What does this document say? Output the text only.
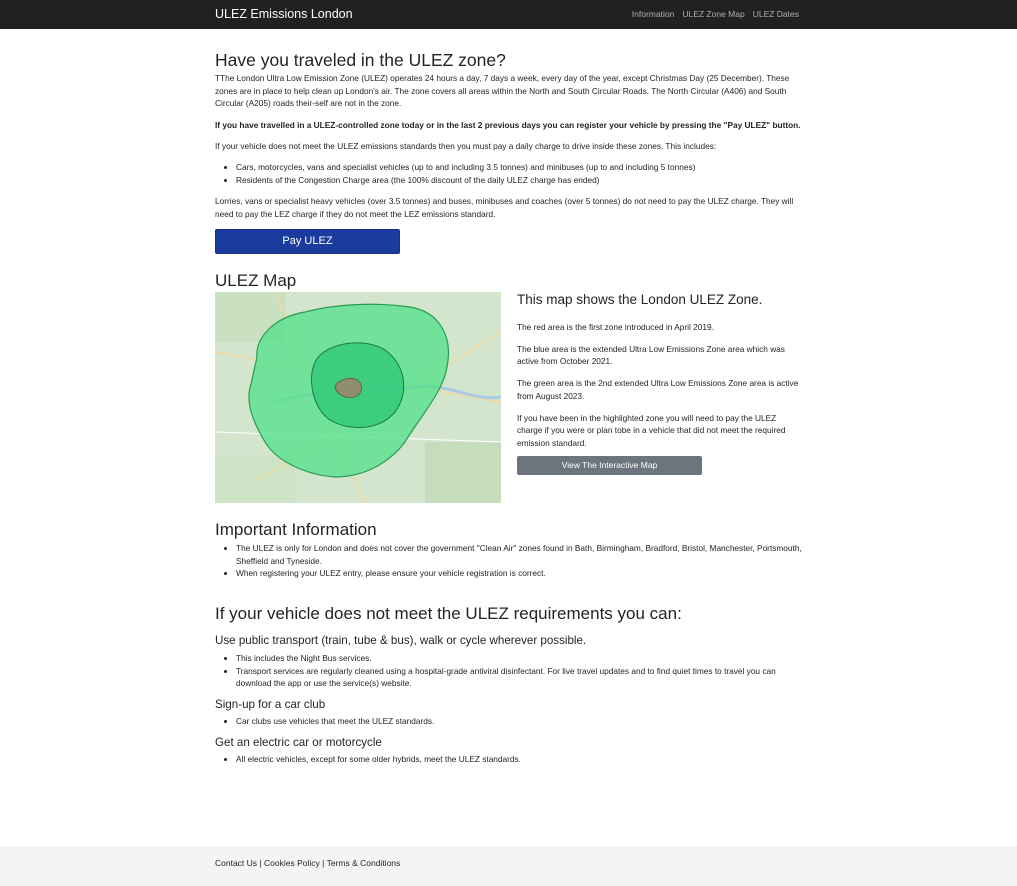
ULEZ Emissions London	Information ULEZ Zone Map ULEZ Dates
Have you traveled in the ULEZ zone?

TThe London Ultra Low Emission Zone (ULEZ) operates 24 hours a day, 7 days a week, every day of the year, except Christmas Day (25 December). These zones are in place to help clean up London's air. The zone covers all areas within the North and South Circular Roads. The North Circular (A406) and South Circular (A205) roads their-self are not in the zone.

If you have travelled in a ULEZ-controlled zone today or in the last 2 previous days you can register your vehicle by pressing the "Pay ULEZ" button.

If your vehicle does not meet the ULEZ emissions standards then you must pay a daily charge to drive inside these zones. This includes:

• Cars, motorcycles, vans and specialist vehicles (up to and including 3.5 tonnes) and minibuses (up to and including 5 tonnes)
• Residents of the Congestion Charge area (the 100% discount of the daily ULEZ charge has ended)

Lorries, vans or specialist heavy vehicles (over 3.5 tonnes) and buses, minibuses and coaches (over 5 tonnes) do not need to pay the ULEZ charge. They will need to pay the LEZ charge if they do not meet the LEZ emissions standard.

Pay ULEZ
ULEZ Map
This map shows the London ULEZ Zone.

The red area is the first zone introduced in April 2019.

The blue area is the extended Ultra Low Emissions Zone area which was active from October 2021.

The green area is the 2nd extended Ultra Low Emissions Zone area is active from August 2023.

If you have been in the highlighted zone you will need to pay the ULEZ charge if you were or plan tobe in a vehicle that did not meet the required emission standard.

View The Interactive Map
Important Information
• The ULEZ is only for London and does not cover the government "Clean Air" zones found in Bath, Birmingham, Bradford, Bristol, Manchester, Portsmouth, Sheffield and Tyneside.
• When registering your ULEZ entry, please ensure your vehicle registration is correct.
If your vehicle does not meet the ULEZ requirements you can:
Use public transport (train, tube & bus), walk or cycle wherever possible.
• This includes the Night Bus services.
• Transport services are regularly cleaned using a hospital-grade antiviral disinfectant. For live travel updates and to find quiet times to travel you can download the app or use the service(s) website.
Sign-up for a car club
• Car clubs use vehicles that meet the ULEZ standards.
Get an electric car or motorcycle
• All electric vehicles, except for some older hybrids, meet the ULEZ standards.
Contact Us | Cookies Policy | Terms & Conditions
